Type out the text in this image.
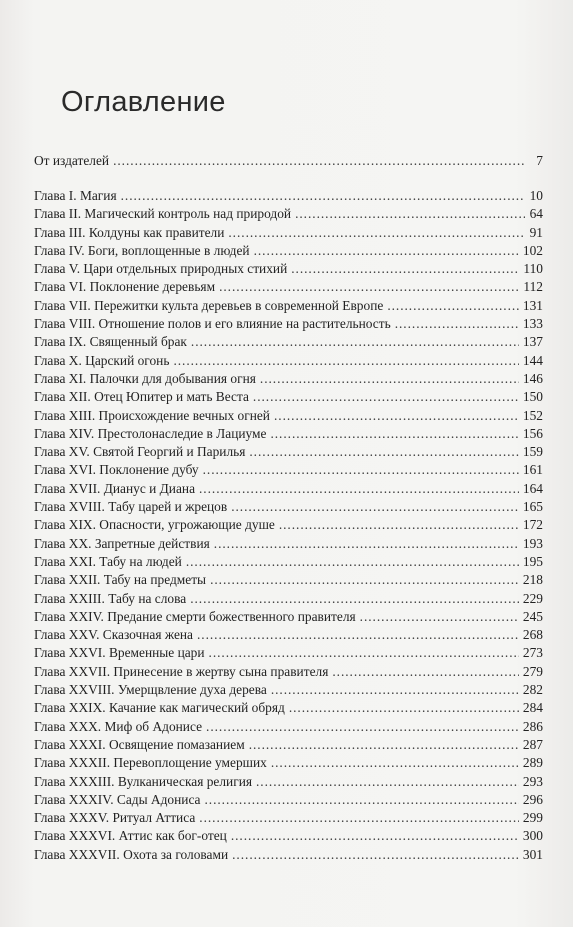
Оглавление
От издателей . . .	7
Глава I. Магия . . .	10
Глава II. Магический контроль над природой . . .	64
Глава III. Колдуны как правители . . .	91
Глава IV. Боги, воплощенные в людей . . .	102
Глава V. Цари отдельных природных стихий . . .	110
Глава VI. Поклонение деревьям . . .	112
Глава VII. Пережитки культа деревьев в современной Европе . . .	131
Глава VIII. Отношение полов и его влияние на растительность . . .	133
Глава IX. Священный брак . . .	137
Глава X. Царский огонь . . .	144
Глава XI. Палочки для добывания огня . . .	146
Глава XII. Отец Юпитер и мать Веста . . .	150
Глава XIII. Происхождение вечных огней . . .	152
Глава XIV. Престолонаследие в Лациуме . . .	156
Глава XV. Святой Георгий и Парилья . . .	159
Глава XVI. Поклонение дубу . . .	161
Глава XVII. Дианус и Диана . . .	164
Глава XVIII. Табу царей и жрецов . . .	165
Глава XIX. Опасности, угрожающие душе . . .	172
Глава XX. Запретные действия . . .	193
Глава XXI. Табу на людей . . .	195
Глава XXII. Табу на предметы . . .	218
Глава XXIII. Табу на слова . . .	229
Глава XXIV. Предание смерти божественного правителя . . .	245
Глава XXV. Сказочная жена . . .	268
Глава XXVI. Временные цари . . .	273
Глава XXVII. Принесение в жертву сына правителя . . .	279
Глава XXVIII. Умерщвление духа дерева . . .	282
Глава XXIX. Качание как магический обряд . . .	284
Глава XXX. Миф об Адонисе . . .	286
Глава XXXI. Освящение помазанием . . .	287
Глава XXXII. Перевоплощение умерших . . .	289
Глава XXXIII. Вулканическая религия . . .	293
Глава XXXIV. Сады Адониса . . .	296
Глава XXXV. Ритуал Аттиса . . .	299
Глава XXXVI. Аттис как бог-отец . . .	300
Глава XXXVII. Охота за головами . . .	301
